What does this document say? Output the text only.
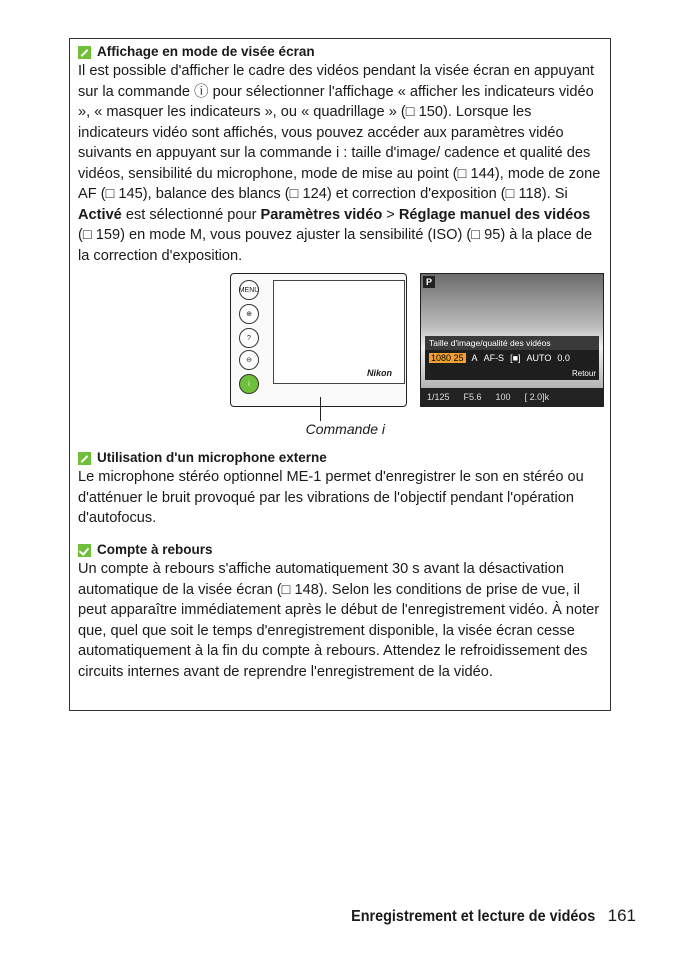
Affichage en mode de visée écran
Il est possible d'afficher le cadre des vidéos pendant la visée écran en appuyant sur la commande ⓘ pour sélectionner l'affichage « afficher les indicateurs vidéo », « masquer les indicateurs », ou « quadrillage » (□ 150). Lorsque les indicateurs vidéo sont affichés, vous pouvez accéder aux paramètres vidéo suivants en appuyant sur la commande i : taille d'image/ cadence et qualité des vidéos, sensibilité du microphone, mode de mise au point (□ 144), mode de zone AF (□ 145), balance des blancs (□ 124) et correction d'exposition (□ 118). Si Activé est sélectionné pour Paramètres vidéo > Réglage manuel des vidéos (□ 159) en mode M, vous pouvez ajuster la sensibilité (ISO) (□ 95) à la place de la correction d'exposition.
MENU
⊕
?
⊖
i
Nikon
P
Taille d'image/qualité des vidéos
1080 25 A AF-S [■] AUTO 0.0
Retour
1/125 F5.6 100 [ 2.0]k
Commande i
Utilisation d'un microphone externe
Le microphone stéréo optionnel ME-1 permet d'enregistrer le son en stéréo ou d'atténuer le bruit provoqué par les vibrations de l'objectif pendant l'opération d'autofocus.
Compte à rebours
Un compte à rebours s'affiche automatiquement 30 s avant la désactivation automatique de la visée écran (□ 148). Selon les conditions de prise de vue, il peut apparaître immédiatement après le début de l'enregistrement vidéo. À noter que, quel que soit le temps d'enregistrement disponible, la visée écran cesse automatiquement à la fin du compte à rebours. Attendez le refroidissement des circuits internes avant de reprendre l'enregistrement de la vidéo.
Enregistrement et lecture de vidéos 161
